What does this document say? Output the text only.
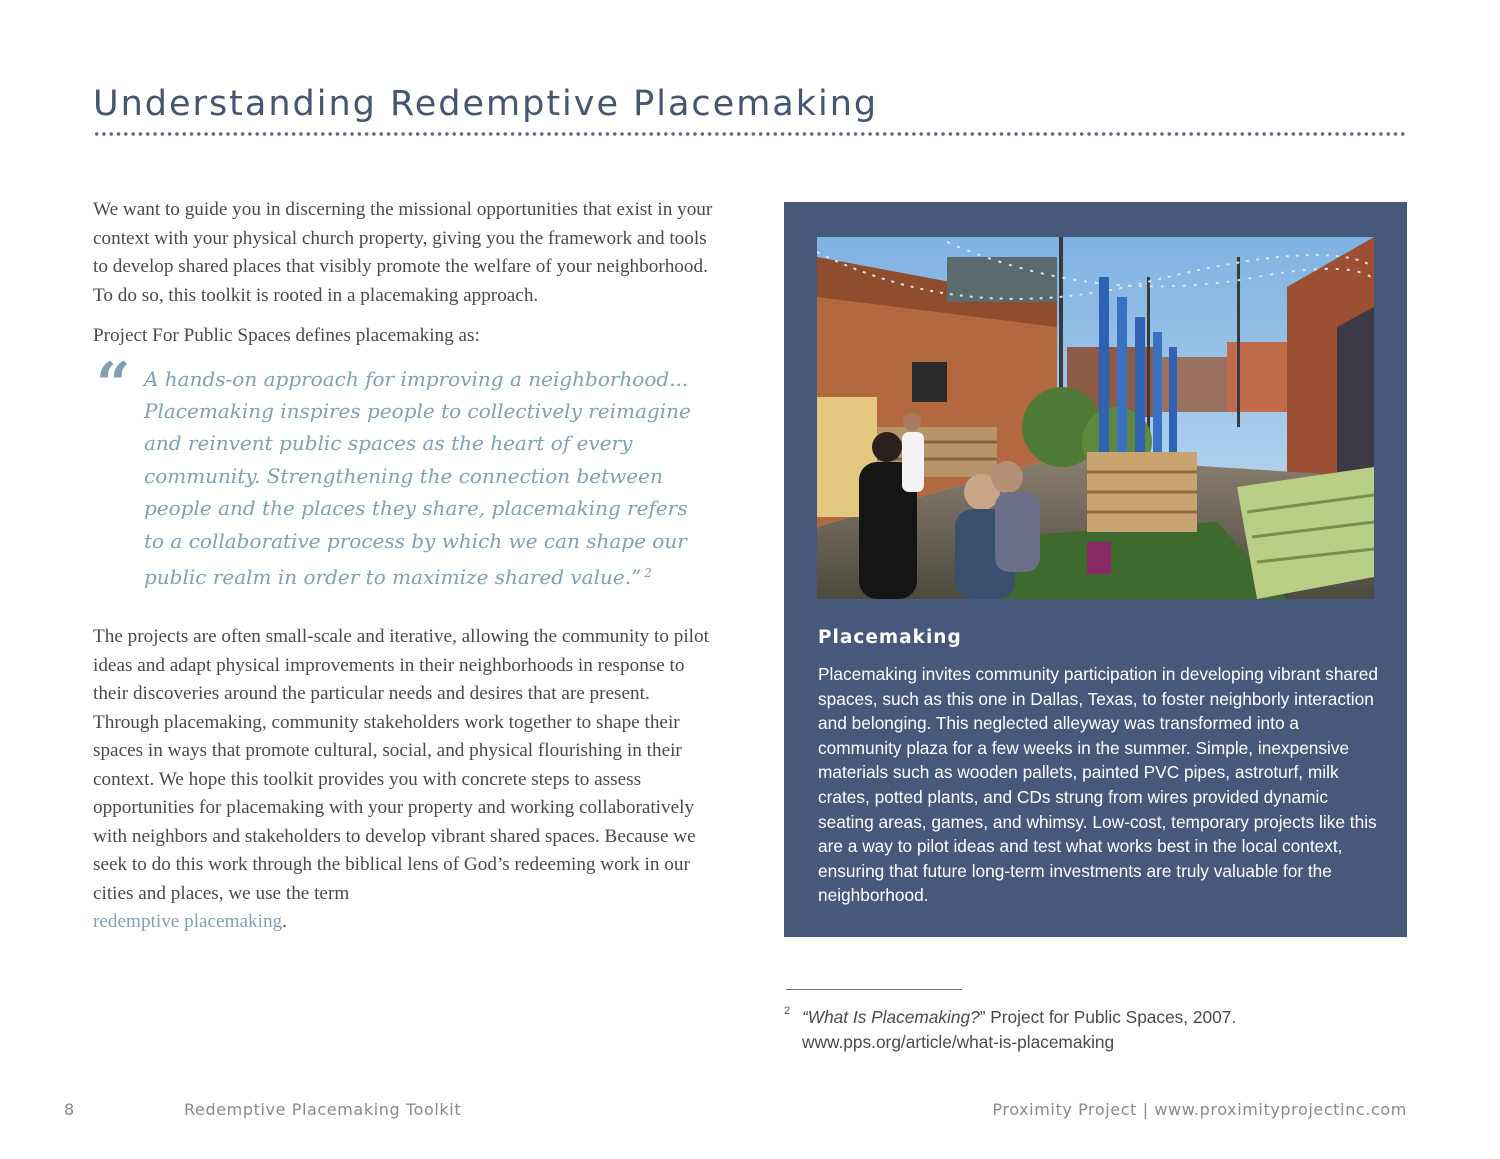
Understanding Redemptive Placemaking

We want to guide you in discerning the missional opportunities that exist in your context with your physical church property, giving you the framework and tools to develop shared places that visibly promote the welfare of your neighborhood. To do so, this toolkit is rooted in a placemaking approach.

Project For Public Spaces defines placemaking as:

“ A hands-on approach for improving a neighborhood... Placemaking inspires people to collectively reimagine and reinvent public spaces as the heart of every community. Strengthening the connection between people and the places they share, placemaking refers to a collaborative process by which we can shape our public realm in order to maximize shared value.” $^2$

The projects are often small-scale and iterative, allowing the community to pilot ideas and adapt physical improvements in their neighborhoods in response to their discoveries around the particular needs and desires that are present. Through placemaking, community stakeholders work together to shape their spaces in ways that promote cultural, social, and physical flourishing in their context. We hope this toolkit provides you with concrete steps to assess opportunities for placemaking with your property and working collaboratively with neighbors and stakeholders to develop vibrant shared spaces. Because we seek to do this work through the biblical lens of God’s redeeming work in our cities and places, we use the term
redemptive placemaking.

Placemaking

Placemaking invites community participation in developing vibrant shared spaces, such as this one in Dallas, Texas, to foster neighborly interaction and belonging. This neglected alleyway was transformed into a community plaza for a few weeks in the summer. Simple, inexpensive materials such as wooden pallets, painted PVC pipes, astroturf, milk crates, potted plants, and CDs strung from wires provided dynamic seating areas, games, and whimsy. Low-cost, temporary projects like this are a way to pilot ideas and test what works best in the local context, ensuring that future long-term investments are truly valuable for the neighborhood.

2 “What Is Placemaking?” Project for Public Spaces, 2007. www.pps.org/article/what-is-placemaking

8	Redemptive Placemaking Toolkit	Proximity Project | www.proximityprojectinc.com
